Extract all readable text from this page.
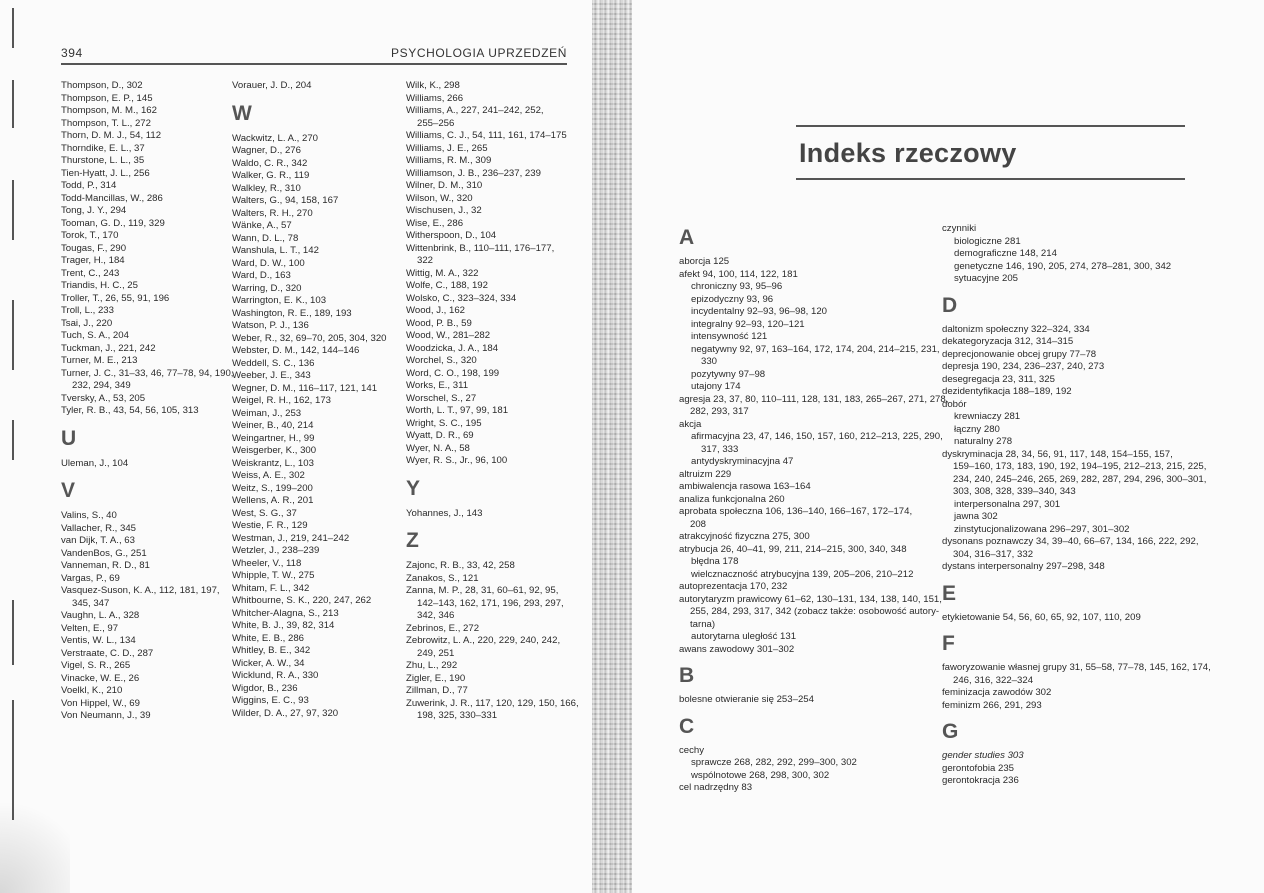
394	PSYCHOLOGIA UPRZEDZEŃ
Thompson, D., 302
Thompson, E. P., 145
Thompson, M. M., 162
Thompson, T. L., 272
Thorn, D. M. J., 54, 112
Thorndike, E. L., 37
Thurstone, L. L., 35
Tien-Hyatt, J. L., 256
Todd, P., 314
Todd-Mancillas, W., 286
Tong, J. Y., 294
Tooman, G. D., 119, 329
Torok, T., 170
Tougas, F., 290
Trager, H., 184
Trent, C., 243
Triandis, H. C., 25
Troller, T., 26, 55, 91, 196
Troll, L., 233
Tsai, J., 220
Tuch, S. A., 204
Tuckman, J., 221, 242
Turner, M. E., 213
Turner, J. C., 31–33, 46, 77–78, 94, 190,
232, 294, 349
Tversky, A., 53, 205
Tyler, R. B., 43, 54, 56, 105, 313
U
Uleman, J., 104
V
Valins, S., 40
Vallacher, R., 345
van Dijk, T. A., 63
VandenBos, G., 251
Vanneman, R. D., 81
Vargas, P., 69
Vasquez-Suson, K. A., 112, 181, 197,
345, 347
Vaughn, L. A., 328
Velten, E., 97
Ventis, W. L., 134
Verstraate, C. D., 287
Vigel, S. R., 265
Vinacke, W. E., 26
Voelkl, K., 210
Von Hippel, W., 69
Von Neumann, J., 39
Vorauer, J. D., 204
W
Wackwitz, L. A., 270
Wagner, D., 276
Waldo, C. R., 342
Walker, G. R., 119
Walkley, R., 310
Walters, G., 94, 158, 167
Walters, R. H., 270
Wänke, A., 57
Wann, D. L., 78
Wanshula, L. T., 142
Ward, D. W., 100
Ward, D., 163
Warring, D., 320
Warrington, E. K., 103
Washington, R. E., 189, 193
Watson, P. J., 136
Weber, R., 32, 69–70, 205, 304, 320
Webster, D. M., 142, 144–146
Weddell, S. C., 136
Weeber, J. E., 343
Wegner, D. M., 116–117, 121, 141
Weigel, R. H., 162, 173
Weiman, J., 253
Weiner, B., 40, 214
Weingartner, H., 99
Weisgerber, K., 300
Weiskrantz, L., 103
Weiss, A. E., 302
Weitz, S., 199–200
Wellens, A. R., 201
West, S. G., 37
Westie, F. R., 129
Westman, J., 219, 241–242
Wetzler, J., 238–239
Wheeler, V., 118
Whipple, T. W., 275
Whitam, F. L., 342
Whitbourne, S. K., 220, 247, 262
Whitcher-Alagna, S., 213
White, B. J., 39, 82, 314
White, E. B., 286
Whitley, B. E., 342
Wicker, A. W., 34
Wicklund, R. A., 330
Wigdor, B., 236
Wiggins, E. C., 93
Wilder, D. A., 27, 97, 320
Wilk, K., 298
Williams, 266
Williams, A., 227, 241–242, 252,
255–256
Williams, C. J., 54, 111, 161, 174–175
Williams, J. E., 265
Williams, R. M., 309
Williamson, J. B., 236–237, 239
Wilner, D. M., 310
Wilson, W., 320
Wischusen, J., 32
Wise, E., 286
Witherspoon, D., 104
Wittenbrink, B., 110–111, 176–177,
322
Wittig, M. A., 322
Wolfe, C., 188, 192
Wolsko, C., 323–324, 334
Wood, J., 162
Wood, P. B., 59
Wood, W., 281–282
Woodzicka, J. A., 184
Worchel, S., 320
Word, C. O., 198, 199
Works, E., 311
Worschel, S., 27
Worth, L. T., 97, 99, 181
Wright, S. C., 195
Wyatt, D. R., 69
Wyer, N. A., 58
Wyer, R. S., Jr., 96, 100
Y
Yohannes, J., 143
Z
Zajonc, R. B., 33, 42, 258
Zanakos, S., 121
Zanna, M. P., 28, 31, 60–61, 92, 95,
142–143, 162, 171, 196, 293, 297,
342, 346
Zebrinos, E., 272
Zebrowitz, L. A., 220, 229, 240, 242,
249, 251
Zhu, L., 292
Zigler, E., 190
Zillman, D., 77
Zuwerink, J. R., 117, 120, 129, 150, 166,
198, 325, 330–331
Indeks rzeczowy
A
aborcja 125
afekt 94, 100, 114, 122, 181
chroniczny 93, 95–96
epizodyczny 93, 96
incydentalny 92–93, 96–98, 120
integralny 92–93, 120–121
intensywność 121
negatywny 92, 97, 163–164, 172, 174, 204, 214–215, 231,
330
pozytywny 97–98
utajony 174
agresja 23, 37, 80, 110–111, 128, 131, 183, 265–267, 271, 278,
282, 293, 317
akcja
afirmacyjna 23, 47, 146, 150, 157, 160, 212–213, 225, 290,
317, 333
antydyskryminacyjna 47
altruizm 229
ambiwalencja rasowa 163–164
analiza funkcjonalna 260
aprobata społeczna 106, 136–140, 166–167, 172–174,
208
atrakcyjność fizyczna 275, 300
atrybucja 26, 40–41, 99, 211, 214–215, 300, 340, 348
błędna 178
wielcznaczność atrybucyjna 139, 205–206, 210–212
autoprezentacja 170, 232
autorytaryzm prawicowy 61–62, 130–131, 134, 138, 140, 151,
255, 284, 293, 317, 342 (zobacz także: osobowość autory-
tarna)
autorytarna uległość 131
awans zawodowy 301–302
B
bolesne otwieranie się 253–254
C
cechy
sprawcze 268, 282, 292, 299–300, 302
wspólnotowe 268, 298, 300, 302
cel nadrzędny 83
czynniki
biologiczne 281
demograficzne 148, 214
genetyczne 146, 190, 205, 274, 278–281, 300, 342
sytuacyjne 205
D
daltonizm społeczny 322–324, 334
dekategoryzacja 312, 314–315
deprecjonowanie obcej grupy 77–78
depresja 190, 234, 236–237, 240, 273
desegregacja 23, 311, 325
dezidentyfikacja 188–189, 192
dobór
krewniaczy 281
łączny 280
naturalny 278
dyskryminacja 28, 34, 56, 91, 117, 148, 154–155, 157,
159–160, 173, 183, 190, 192, 194–195, 212–213, 215, 225,
234, 240, 245–246, 265, 269, 282, 287, 294, 296, 300–301,
303, 308, 328, 339–340, 343
interpersonalna 297, 301
jawna 302
zinstytucjonalizowana 296–297, 301–302
dysonans poznawczy 34, 39–40, 66–67, 134, 166, 222, 292,
304, 316–317, 332
dystans interpersonalny 297–298, 348
E
etykietowanie 54, 56, 60, 65, 92, 107, 110, 209
F
faworyzowanie własnej grupy 31, 55–58, 77–78, 145, 162, 174,
246, 316, 322–324
feminizacja zawodów 302
feminizm 266, 291, 293
G
gender studies 303
gerontofobia 235
gerontokracja 236
